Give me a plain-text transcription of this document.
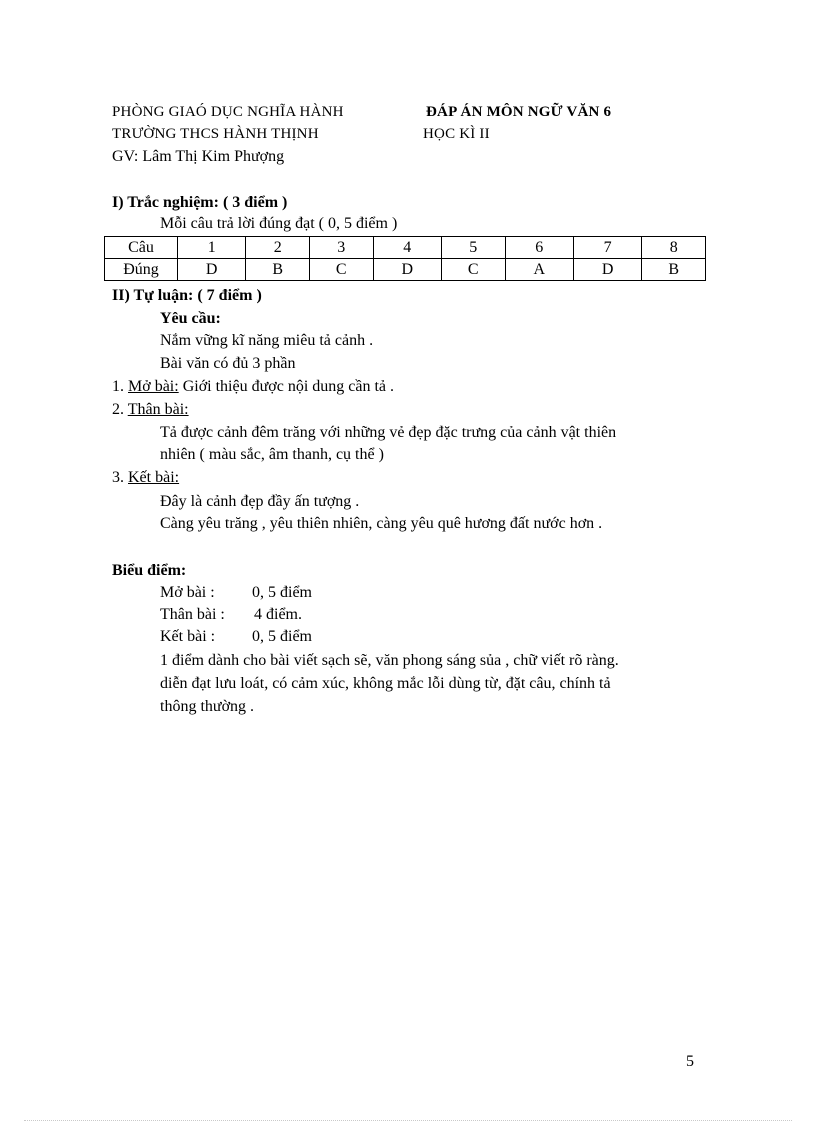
PHÒNG GIAÓ DỤC NGHĨA HÀNH	ĐÁP ÁN MÔN NGỮ VĂN 6
TRƯỜNG THCS HÀNH THỊNH	HỌC KÌ II
GV: Lâm Thị Kim Phượng
I) Trắc nghiệm: ( 3 điểm )
Mỗi câu trả lời đúng đạt ( 0, 5 điểm )
Câu	1	2	3	4	5	6	7	8
Đúng	D	B	C	D	C	A	D	B
II) Tự luận: ( 7 điểm )
Yêu cầu:
Nắm vững kĩ năng miêu tả cảnh .
Bài văn có đủ 3 phần
1. Mở bài: Giới thiệu được nội dung cần tả .
2. Thân bài:
Tả được cảnh đêm trăng với những vẻ đẹp đặc trưng của cảnh vật thiên
nhiên ( màu sắc, âm thanh, cụ thể )
3. Kết bài:
Đây là cảnh đẹp đầy ấn tượng .
Càng yêu trăng , yêu thiên nhiên, càng yêu quê hương đất nước hơn .
Biểu điểm:
Mở bài : 0, 5 điểm
Thân bài : 4 điểm.
Kết bài : 0, 5 điểm
1 điểm dành cho bài viết sạch sẽ, văn phong sáng sủa , chữ viết rõ ràng.
diễn đạt lưu loát, có cảm xúc, không mắc lỗi dùng từ, đặt câu, chính tả
thông thường .
5
